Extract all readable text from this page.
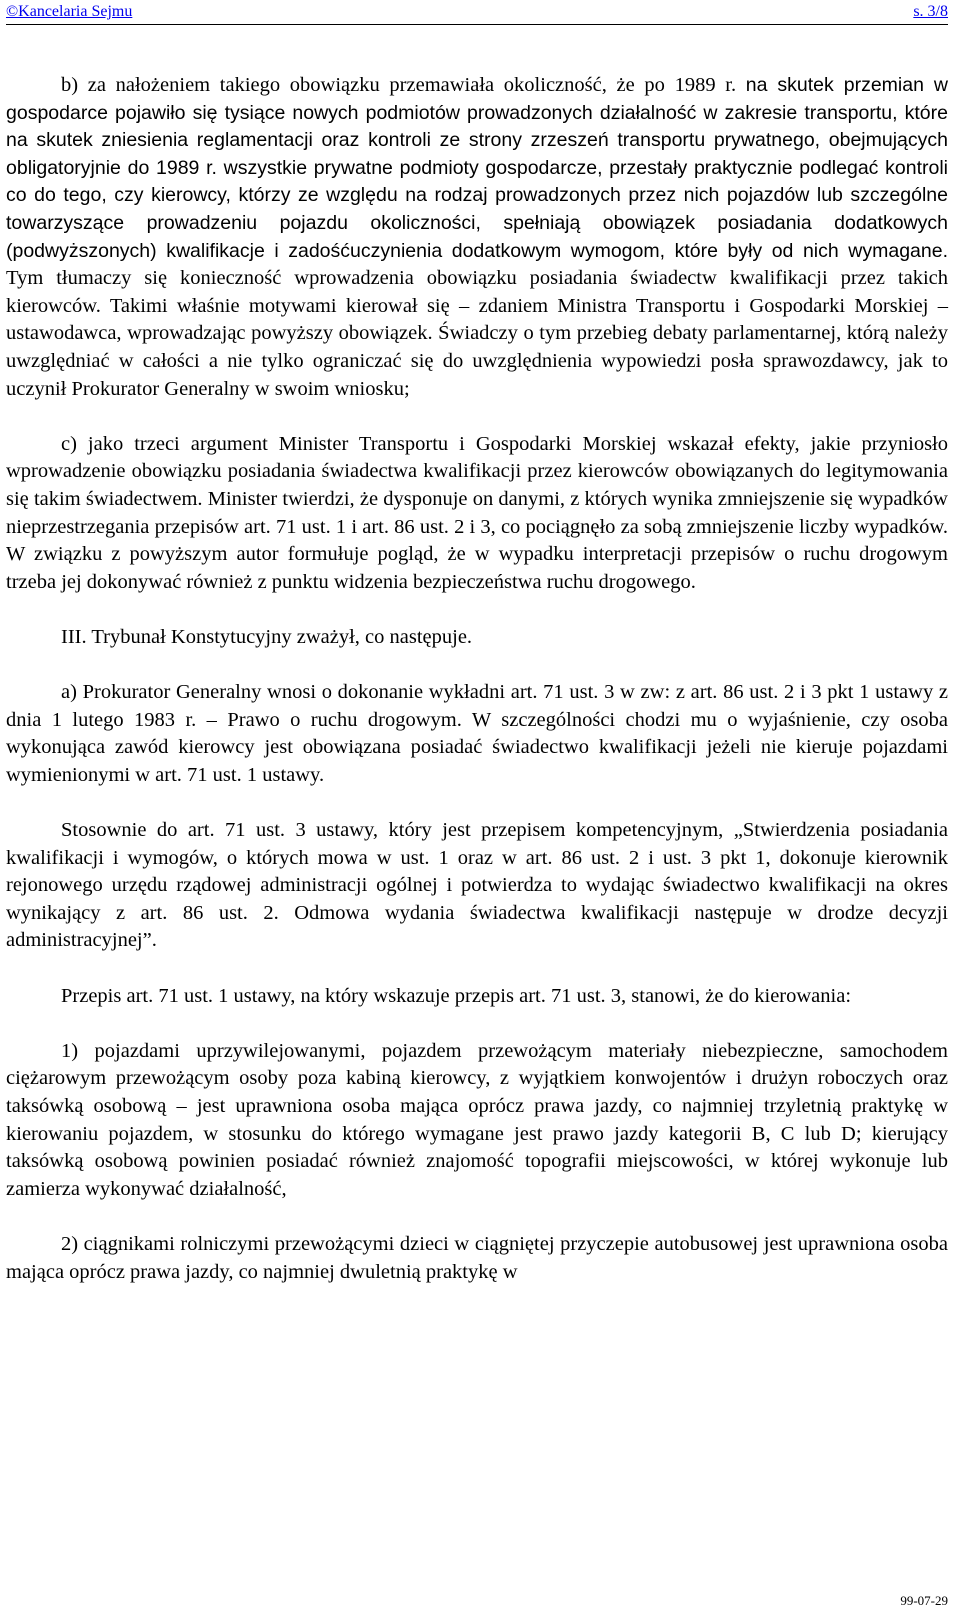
©Kancelaria Sejmu	s. 3/8

b) za nałożeniem takiego obowiązku przemawiała okoliczność, że po 1989 r. na skutek przemian w gospodarce pojawiło się tysiące nowych podmiotów prowadzonych działalność w zakresie transportu, które na skutek zniesienia reglamentacji oraz kontroli ze strony zrzeszeń transportu prywatnego, obejmujących obligatoryjnie do 1989 r. wszystkie prywatne podmioty gospodarcze, przestały praktycznie podlegać kontroli co do tego, czy kierowcy, którzy ze względu na rodzaj prowadzonych przez nich pojazdów lub szczególne towarzyszące prowadzeniu pojazdu okoliczności, spełniają obowiązek posiadania dodatkowych (podwyższonych) kwalifikacje i zadośćuczynienia dodatkowym wymogom, które były od nich wymagane. Tym tłumaczy się konieczność wprowadzenia obowiązku posiadania świadectw kwalifikacji przez takich kierowców. Takimi właśnie motywami kierował się – zdaniem Ministra Transportu i Gospodarki Morskiej – ustawodawca, wprowadzając powyższy obowiązek. Świadczy o tym przebieg debaty parlamentarnej, którą należy uwzględniać w całości a nie tylko ograniczać się do uwzględnienia wypowiedzi posła sprawozdawcy, jak to uczynił Prokurator Generalny w swoim wniosku;

c) jako trzeci argument Minister Transportu i Gospodarki Morskiej wskazał efekty, jakie przyniosło wprowadzenie obowiązku posiadania świadectwa kwalifikacji przez kierowców obowiązanych do legitymowania się takim świadectwem. Minister twierdzi, że dysponuje on danymi, z których wynika zmniejszenie się wypadków nieprzestrzegania przepisów art. 71 ust. 1 i art. 86 ust. 2 i 3, co pociągnęło za sobą zmniejszenie liczby wypadków. W związku z powyższym autor formułuje pogląd, że w wypadku interpretacji przepisów o ruchu drogowym trzeba jej dokonywać również z punktu widzenia bezpieczeństwa ruchu drogowego.

III. Trybunał Konstytucyjny zważył, co następuje.

a) Prokurator Generalny wnosi o dokonanie wykładni art. 71 ust. 3 w zw: z art. 86 ust. 2 i 3 pkt 1 ustawy z dnia 1 lutego 1983 r. – Prawo o ruchu drogowym. W szczególności chodzi mu o wyjaśnienie, czy osoba wykonująca zawód kierowcy jest obowiązana posiadać świadectwo kwalifikacji jeżeli nie kieruje pojazdami wymienionymi w art. 71 ust. 1 ustawy.

Stosownie do art. 71 ust. 3 ustawy, który jest przepisem kompetencyjnym, „Stwierdzenia posiadania kwalifikacji i wymogów, o których mowa w ust. 1 oraz w art. 86 ust. 2 i ust. 3 pkt 1, dokonuje kierownik rejonowego urzędu rządowej administracji ogólnej i potwierdza to wydając świadectwo kwalifikacji na okres wynikający z art. 86 ust. 2. Odmowa wydania świadectwa kwalifikacji następuje w drodze decyzji administracyjnej”.

Przepis art. 71 ust. 1 ustawy, na który wskazuje przepis art. 71 ust. 3, stanowi, że do kierowania:

1) pojazdami uprzywilejowanymi, pojazdem przewożącym materiały niebezpieczne, samochodem ciężarowym przewożącym osoby poza kabiną kierowcy, z wyjątkiem konwojentów i drużyn roboczych oraz taksówką osobową – jest uprawniona osoba mająca oprócz prawa jazdy, co najmniej trzyletnią praktykę w kierowaniu pojazdem, w stosunku do którego wymagane jest prawo jazdy kategorii B, C lub D; kierujący taksówką osobową powinien posiadać również znajomość topografii miejscowości, w której wykonuje lub zamierza wykonywać działalność,

2) ciągnikami rolniczymi przewożącymi dzieci w ciągniętej przyczepie autobusowej jest uprawniona osoba mająca oprócz prawa jazdy, co najmniej dwuletnią praktykę w

99-07-29
